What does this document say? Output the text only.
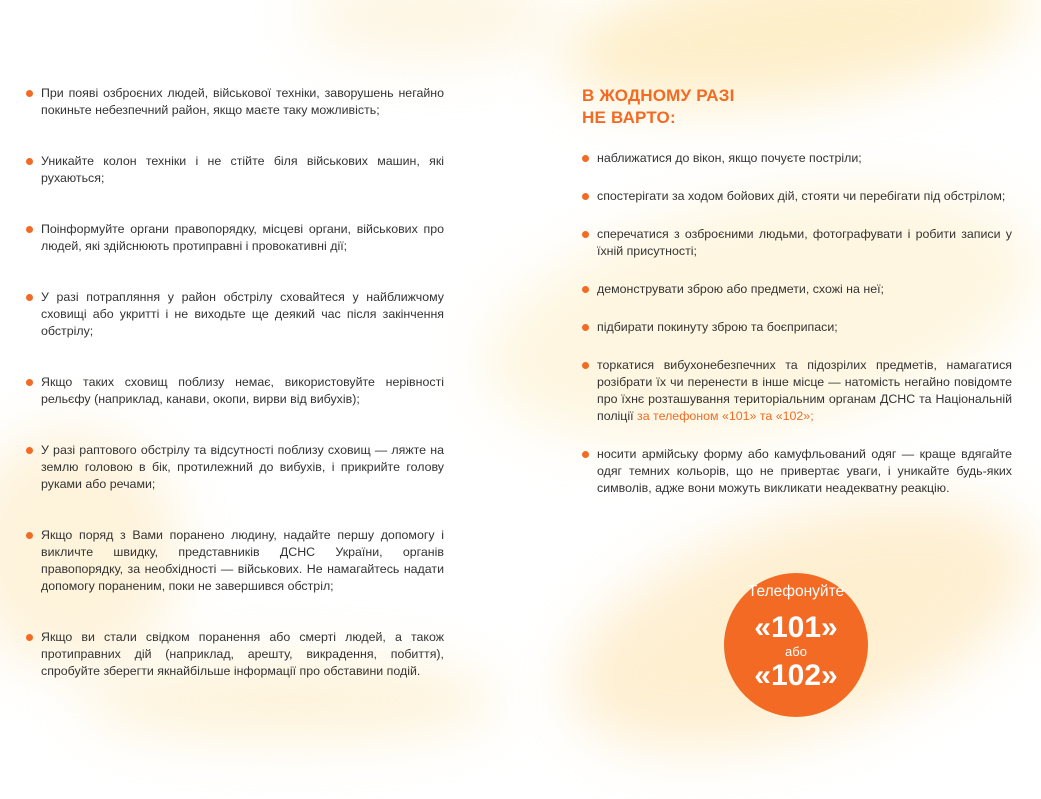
При появі озброєних людей, військової техніки, заворушень негайно покиньте небезпечний район, якщо маєте таку можливість;
Уникайте колон техніки і не стійте біля військових машин, які рухаються;
Поінформуйте органи правопорядку, місцеві органи, військових про людей, які здійснюють протиправні і провокативні дії;
У разі потрапляння у район обстрілу сховайтеся у найближчому сховищі або укритті і не виходьте ще деякий час після закінчення обстрілу;
Якщо таких сховищ поблизу немає, використовуйте нерівності рельєфу (наприклад, канави, окопи, вирви від вибухів);
У разі раптового обстрілу та відсутності поблизу сховищ — ляжте на землю головою в бік, протилежний до вибухів, і прикрийте голову руками або речами;
Якщо поряд з Вами поранено людину, надайте першу допомогу і викличте швидку, представників ДСНС України, органів правопорядку, за необхідності — військових. Не намагайтесь надати допомогу пораненим, поки не завершився обстріл;
Якщо ви стали свідком поранення або смерті людей, а також протиправних дій (наприклад, арешту, викрадення, побиття), спробуйте зберегти якнайбільше інформації про обставини подій.
В ЖОДНОМУ РАЗІ
НЕ ВАРТО:
наближатися до вікон, якщо почуєте постріли;
спостерігати за ходом бойових дій, стояти чи перебігати під обстрілом;
сперечатися з озброєними людьми, фотографувати і робити записи у їхній присутності;
демонструвати зброю або предмети, схожі на неї;
підбирати покинуту зброю та боєприпаси;
торкатися вибухонебезпечних та підозрілих предметів, намагатися розібрати їх чи перенести в інше місце — натомість негайно повідомте про їхнє розташування територіальним органам ДСНС та Національній поліції за телефоном «101» та «102»;
носити армійську форму або камуфльований одяг — краще вдягайте одяг темних кольорів, що не привертає уваги, і уникайте будь-яких символів, адже вони можуть викликати неадекватну реакцію.
Телефонуйте
«101»
або
«102»
